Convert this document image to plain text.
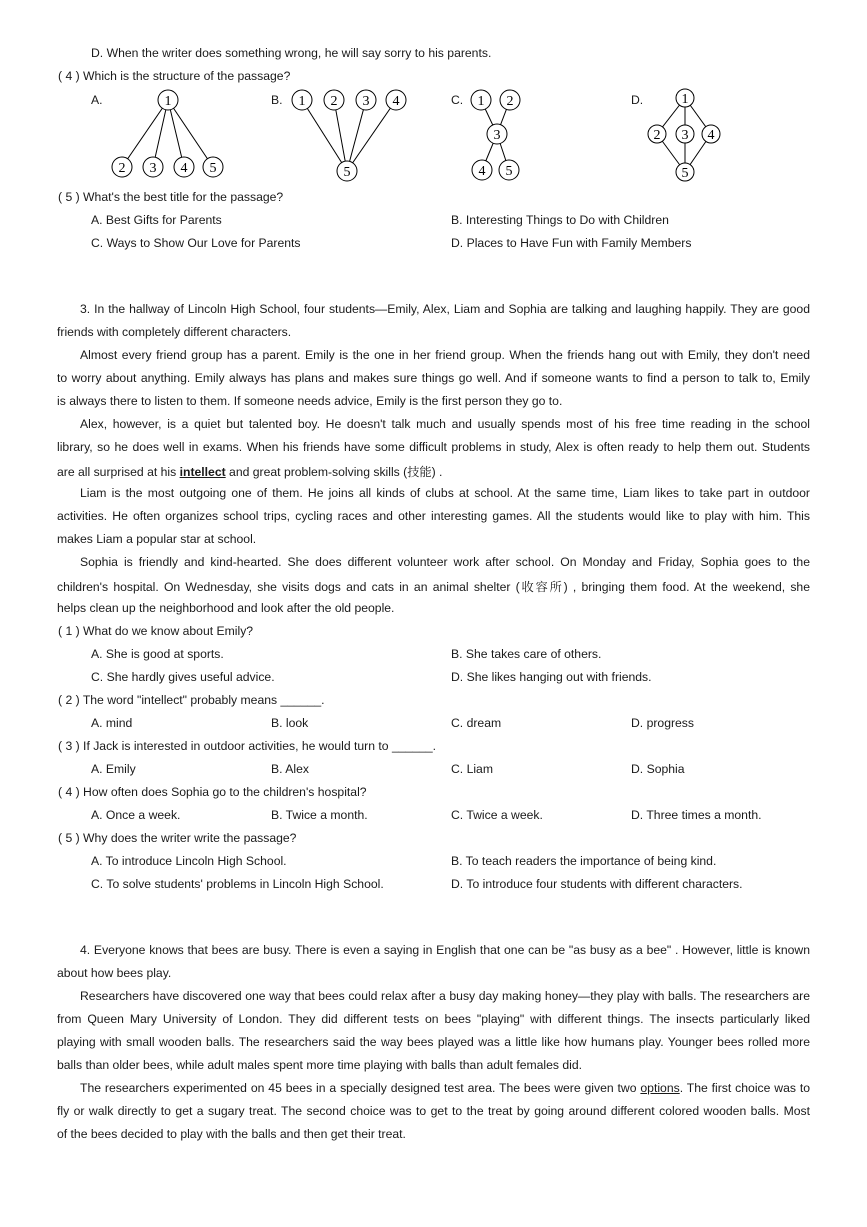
D. When the writer does something wrong, he will say sorry to his parents.
( 4 ) Which is the structure of the passage?
A.	B.	C.	D.
1
2 3 4 5
1 2 3 4
5
1 2
3
4 5
1
2 3 4
5
( 5 ) What's the best title for the passage?
A. Best Gifts for Parents	B. Interesting Things to Do with Children
C. Ways to Show Our Love for Parents	D. Places to Have Fun with Family Members
3. In the hallway of Lincoln High School, four students—Emily, Alex, Liam and Sophia are talking and laughing happily. They are good
friends with completely different characters.
Almost every friend group has a parent. Emily is the one in her friend group. When the friends hang out with Emily, they don't need
to worry about anything. Emily always has plans and makes sure things go well. And if someone wants to find a person to talk to, Emily
is always there to listen to them. If someone needs advice, Emily is the first person they go to.
Alex, however, is a quiet but talented boy. He doesn't talk much and usually spends most of his free time reading in the school
library, so he does well in exams. When his friends have some difficult problems in study, Alex is often ready to help them out. Students
are all surprised at his intellect and great problem-solving skills (技能) .
Liam is the most outgoing one of them. He joins all kinds of clubs at school. At the same time, Liam likes to take part in outdoor
activities. He often organizes school trips, cycling races and other interesting games. All the students would like to play with him. This
makes Liam a popular star at school.
Sophia is friendly and kind-hearted. She does different volunteer work after school. On Monday and Friday, Sophia goes to the
children's hospital. On Wednesday, she visits dogs and cats in an animal shelter (收容所) , bringing them food. At the weekend, she
helps clean up the neighborhood and look after the old people.
( 1 ) What do we know about Emily?
A. She is good at sports.	B. She takes care of others.
C. She hardly gives useful advice.	D. She likes hanging out with friends.
( 2 ) The word "intellect" probably means ______.
A. mind	B. look	C. dream	D. progress
( 3 ) If Jack is interested in outdoor activities, he would turn to ______.
A. Emily	B. Alex	C. Liam	D. Sophia
( 4 ) How often does Sophia go to the children's hospital?
A. Once a week.	B. Twice a month.	C. Twice a week.	D. Three times a month.
( 5 ) Why does the writer write the passage?
A. To introduce Lincoln High School.	B. To teach readers the importance of being kind.
C. To solve students' problems in Lincoln High School.	D. To introduce four students with different characters.
4. Everyone knows that bees are busy. There is even a saying in English that one can be "as busy as a bee" . However, little is known
about how bees play.
Researchers have discovered one way that bees could relax after a busy day making honey—they play with balls. The researchers are
from Queen Mary University of London. They did different tests on bees "playing" with different things. The insects particularly liked
playing with small wooden balls. The researchers said the way bees played was a little like how humans play. Younger bees rolled more
balls than older bees, while adult males spent more time playing with balls than adult females did.
The researchers experimented on 45 bees in a specially designed test area. The bees were given two options. The first choice was to
fly or walk directly to get a sugary treat. The second choice was to get to the treat by going around different colored wooden balls. Most
of the bees decided to play with the balls and then get their treat.
